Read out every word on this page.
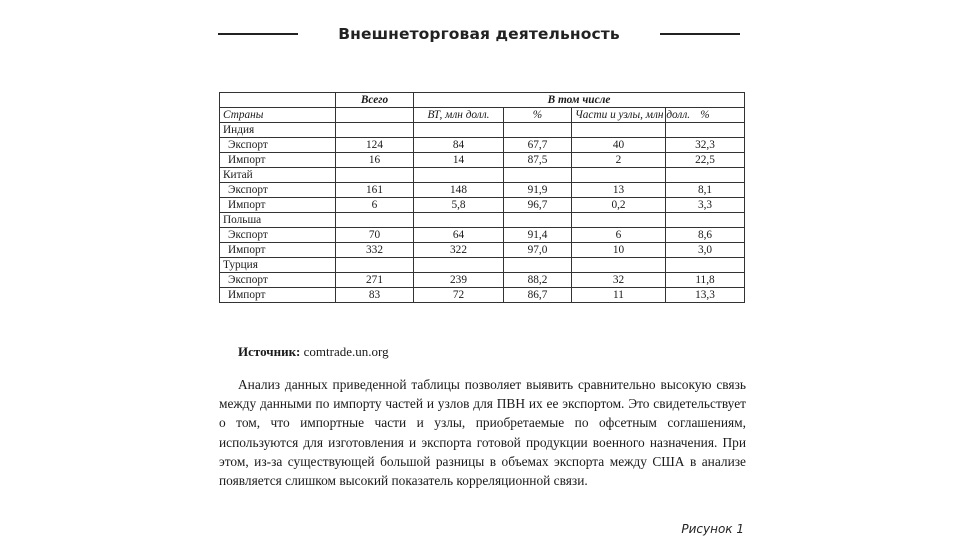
Внешнеторговая деятельность
	Всего	В том числе			
Страны		ВТ, млн долл.	%	Части и узлы, млн долл.	%
Индия					
Экспорт	124	84	67,7	40	32,3
Импорт	16	14	87,5	2	22,5
Китай					
Экспорт	161	148	91,9	13	8,1
Импорт	6	5,8	96,7	0,2	3,3
Польша					
Экспорт	70	64	91,4	6	8,6
Импорт	332	322	97,0	10	3,0
Турция					
Экспорт	271	239	88,2	32	11,8
Импорт	83	72	86,7	11	13,3
Источник: comtrade.un.org

Анализ данных приведенной таблицы позволяет выявить сравнительно высокую связь между данными по импорту частей и узлов для ПВН их ее экспортом. Это свидетельствует о том, что импортные части и узлы, приобретаемые по офсетным соглашениям, используются для изготовления и экспорта готовой продукции военного назначения. При этом, из-за существующей большой разницы в объемах экспорта между США в анализе появляется слишком высокий показатель корреляционной связи.

Рисунок 1
